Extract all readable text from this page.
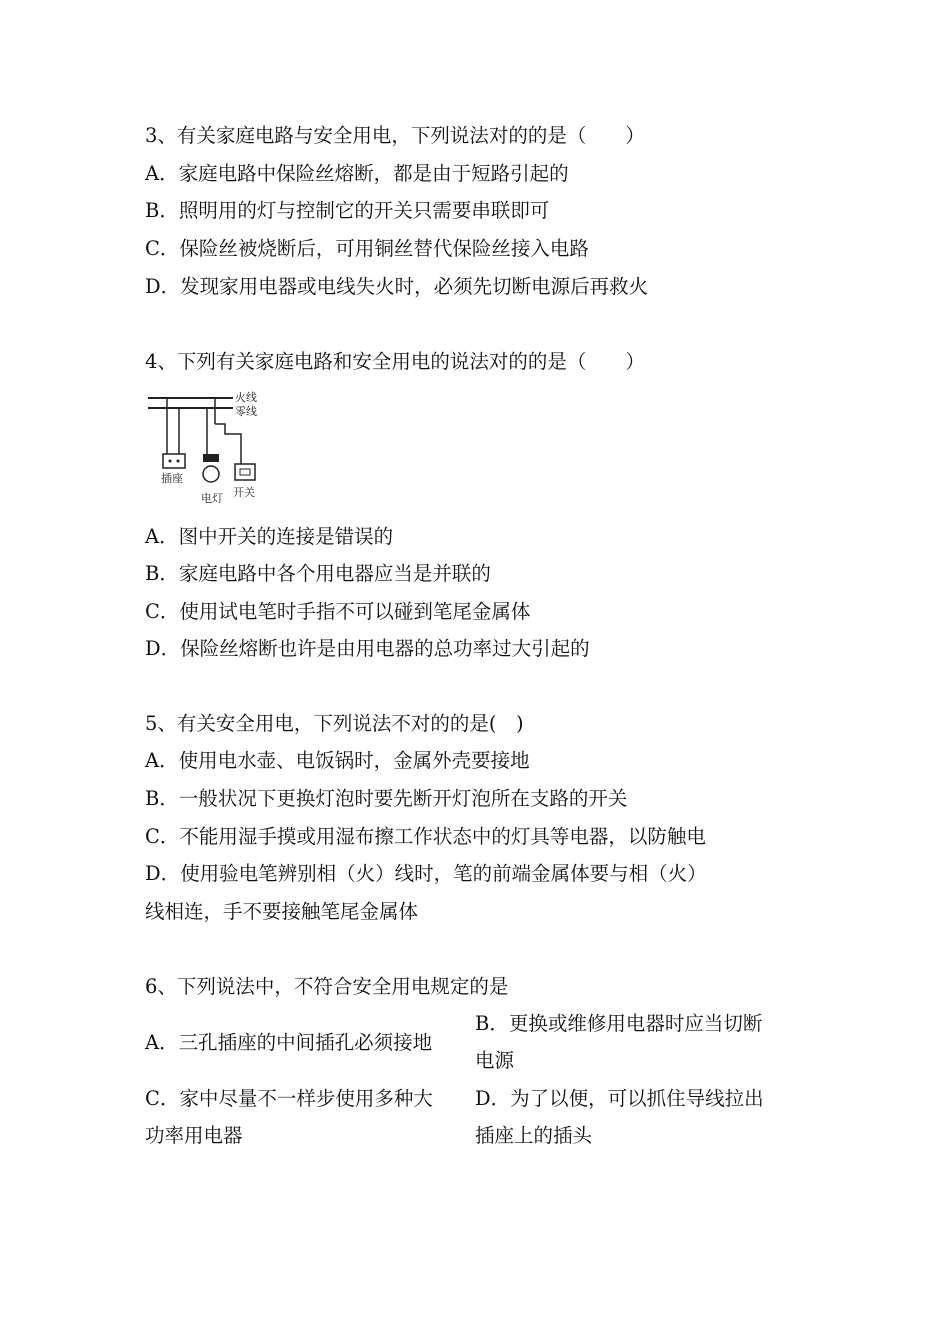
3、有关家庭电路与安全用电，下列说法对的的是（　　）
A．家庭电路中保险丝熔断，都是由于短路引起的
B．照明用的灯与控制它的开关只需要串联即可
C．保险丝被烧断后，可用铜丝替代保险丝接入电路
D．发现家用电器或电线失火时，必须先切断电源后再救火
4、下列有关家庭电路和安全用电的说法对的的是（　　）
火线
零线
插座
电灯 开关
A．图中开关的连接是错误的
B．家庭电路中各个用电器应当是并联的
C．使用试电笔时手指不可以碰到笔尾金属体
D．保险丝熔断也许是由用电器的总功率过大引起的
5、有关安全用电，下列说法不对的的是(　)
A．使用电水壶、电饭锅时，金属外壳要接地
B．一般状况下更换灯泡时要先断开灯泡所在支路的开关
C．不能用湿手摸或用湿布擦工作状态中的灯具等电器，以防触电
D．使用验电笔辨别相（火）线时，笔的前端金属体要与相（火）
线相连，手不要接触笔尾金属体
6、下列说法中，不符合安全用电规定的是
A．三孔插座的中间插孔必须接地
B．更换或维修用电器时应当切断
电源
C．家中尽量不一样步使用多种大
功率用电器
D．为了以便，可以抓住导线拉出
插座上的插头
